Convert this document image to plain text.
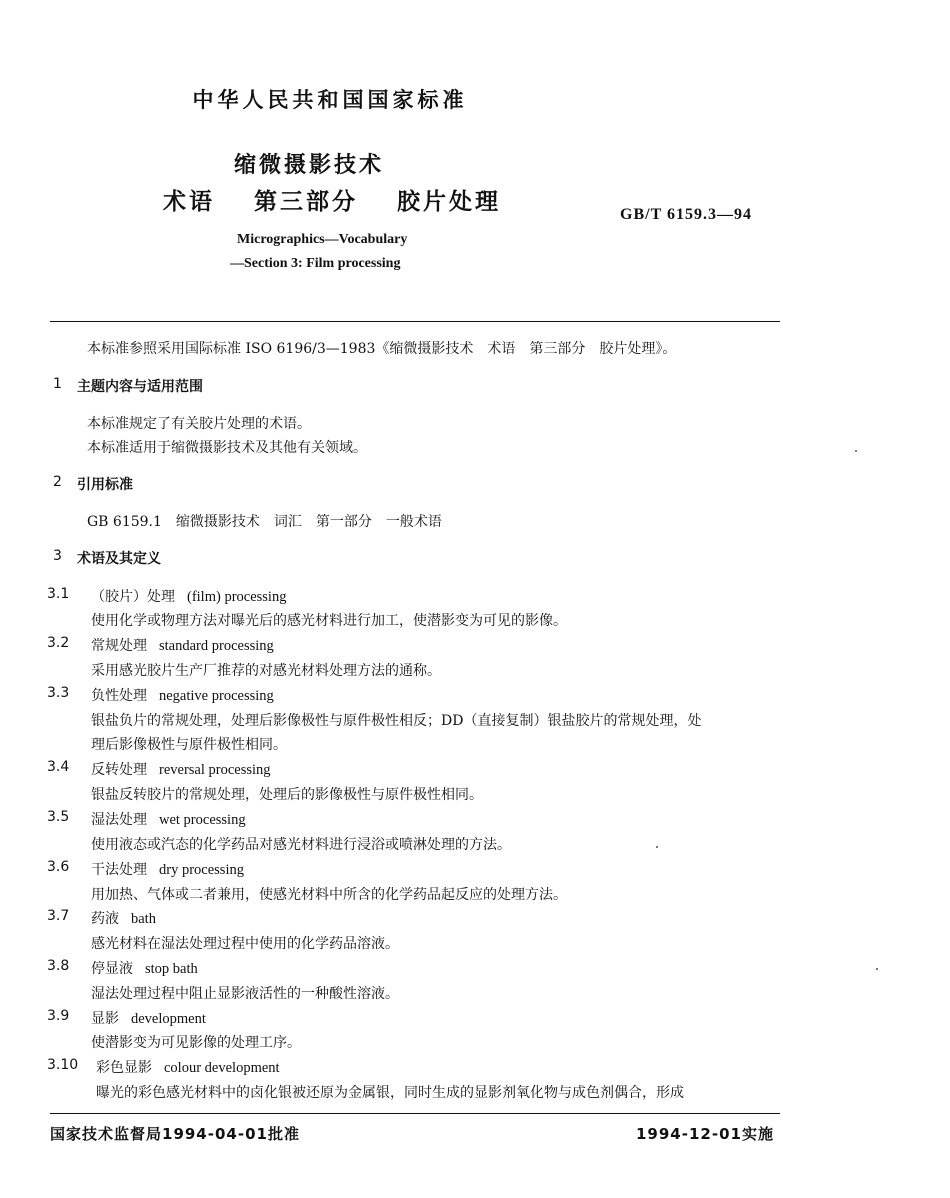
中华人民共和国国家标准
缩微摄影技术
术语 第三部分 胶片处理	GB/T 6159.3—94
Micrographics—Vocabulary
—Section 3: Film processing
本标准参照采用国际标准 ISO 6196/3—1983《缩微摄影技术　术语　第三部分　胶片处理》。
1 主题内容与适用范围
本标准规定了有关胶片处理的术语。
本标准适用于缩微摄影技术及其他有关领域。
2 引用标准
GB 6159.1　缩微摄影技术　词汇　第一部分　一般术语
3 术语及其定义
3.1 （胶片）处理 (film) processing
使用化学或物理方法对曝光后的感光材料进行加工，使潜影变为可见的影像。
3.2 常规处理 standard processing
采用感光胶片生产厂推荐的对感光材料处理方法的通称。
3.3 负性处理 negative processing
银盐负片的常规处理，处理后影像极性与原件极性相反；DD（直接复制）银盐胶片的常规处理，处
理后影像极性与原件极性相同。
3.4 反转处理 reversal processing
银盐反转胶片的常规处理，处理后的影像极性与原件极性相同。
3.5 湿法处理 wet processing
使用液态或汽态的化学药品对感光材料进行浸浴或喷淋处理的方法。
3.6 干法处理 dry processing
用加热、气体或二者兼用，使感光材料中所含的化学药品起反应的处理方法。
3.7 药液 bath
感光材料在湿法处理过程中使用的化学药品溶液。
3.8 停显液 stop bath
湿法处理过程中阻止显影液活性的一种酸性溶液。
3.9 显影 development
使潜影变为可见影像的处理工序。
3.10 彩色显影 colour development
曝光的彩色感光材料中的卤化银被还原为金属银，同时生成的显影剂氧化物与成色剂偶合，形成
国家技术监督局1994-04-01批准	1994-12-01实施
